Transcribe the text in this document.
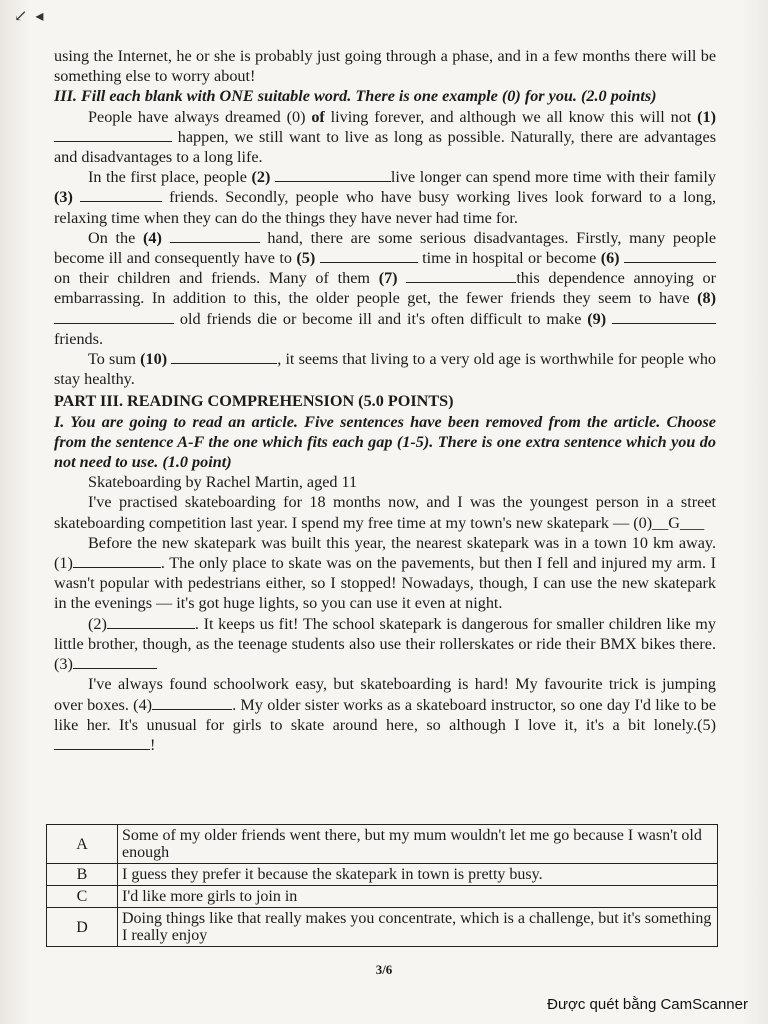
↙ ◂

using the Internet, he or she is probably just going through a phase, and in a few months there will be something else to worry about!

III. Fill each blank with ONE suitable word. There is one example (0) for you. (2.0 points)

People have always dreamed (0) of living forever, and although we all know this will not (1)  happen, we still want to live as long as possible. Naturally, there are advantages and disadvantages to a long life.

In the first place, people (2)	live longer can spend more time with their family (3)	friends. Secondly, people who have busy working lives look forward to a long, relaxing time when they can do the things they have never had time for.

On the (4)	hand, there are some serious disadvantages. Firstly, many people become ill and consequently have to (5)	time in hospital or become (6) on their children and friends. Many of them (7)	this dependence annoying or embarrassing. In addition to this, the older people get, the fewer friends they seem to have (8)  old friends die or become ill and it's often difficult to make (9)  friends.

To sum (10)	, it seems that living to a very old age is worthwhile for people who stay healthy.

PART III. READING COMPREHENSION (5.0 POINTS)

I. You are going to read an article. Five sentences have been removed from the article. Choose from the sentence A-F the one which fits each gap (1-5). There is one extra sentence which you do not need to use. (1.0 point)

Skateboarding by Rachel Martin, aged 11

I've practised skateboarding for 18 months now, and I was the youngest person in a street skateboarding competition last year. I spend my free time at my town's new skatepark — (0)__G___

Before the new skatepark was built this year, the nearest skatepark was in a town 10 km away. (1)	. The only place to skate was on the pavements, but then I fell and injured my arm. I wasn't popular with pedestrians either, so I stopped! Nowadays, though, I can use the new skatepark in the evenings — it's got huge lights, so you can use it even at night.

(2)	. It keeps us fit! The school skatepark is dangerous for smaller children like my little brother, though, as the teenage students also use their rollerskates or ride their BMX bikes there. (3)

I've always found schoolwork easy, but skateboarding is hard! My favourite trick is jumping over boxes. (4)	. My older sister works as a skateboard instructor, so one day I'd like to be like her. It's unusual for girls to skate around here, so although I love it, it's a bit lonely.(5)!

A	Some of my older friends went there, but my mum wouldn't let me go because I wasn't old enough
B	I guess they prefer it because the skatepark in town is pretty busy.
C	I'd like more girls to join in
D	Doing things like that really makes you concentrate, which is a challenge, but it's something I really enjoy
3/6
Được quét bằng CamScanner
